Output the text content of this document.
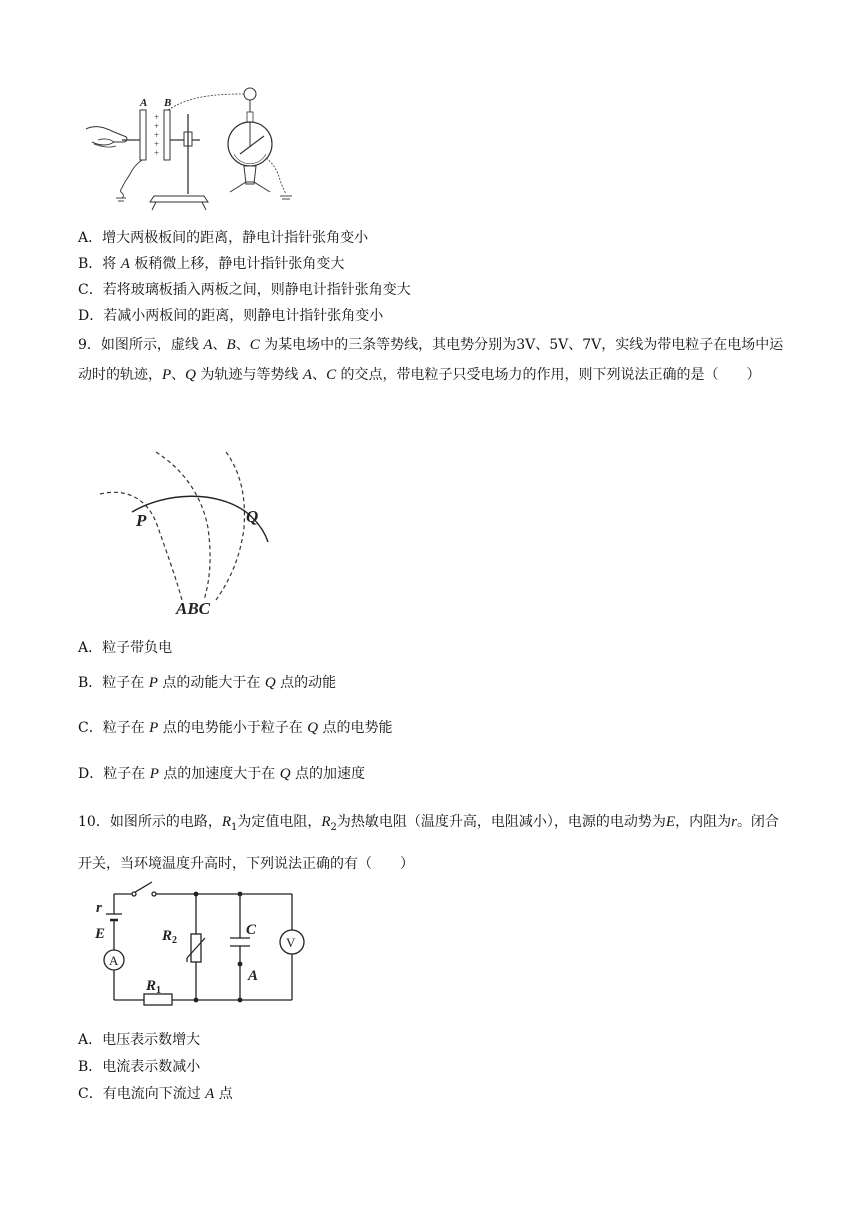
+
+
+
+
+
A B
A．增大两极板间的距离，静电计指针张角变小
B．将 A 板稍微上移，静电计指针张角变大
C．若将玻璃板插入两板之间，则静电计指针张角变大
D．若减小两板间的距离，则静电计指针张角变小
9．如图所示，虚线 A、B、C 为某电场中的三条等势线，其电势分别为3V、5V、7V，实线为带电粒子在电场中运动时的轨迹，P、Q 为轨迹与等势线 A、C 的交点，带电粒子只受电场力的作用，则下列说法正确的是（　　）
P	Q
ABC
A．粒子带负电
B．粒子在 P 点的动能大于在 Q 点的动能
C．粒子在 P 点的电势能小于粒子在 Q 点的电势能
D．粒子在 P 点的加速度大于在 Q 点的加速度
10．如图所示的电路，$R_1$为定值电阻，$R_2$为热敏电阻（温度升高，电阻减小），电源的电动势为E，内阻为r。闭合开关，当环境温度升高时，下列说法正确的有（　　）
r
E
A
V
$R_1$
$R_2$
C
A
A．电压表示数增大
B．电流表示数减小
C．有电流向下流过 A 点
